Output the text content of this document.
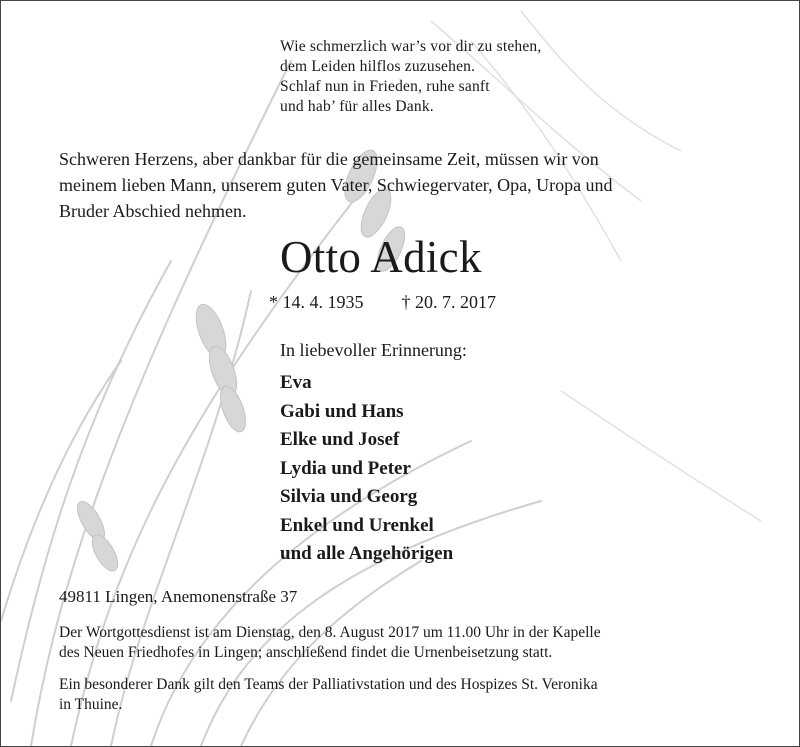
Wie schmerzlich war’s vor dir zu stehen,
dem Leiden hilflos zuzusehen.
Schlaf nun in Frieden, ruhe sanft
und hab’ für alles Dank.
Schweren Herzens, aber dankbar für die gemeinsame Zeit, müssen wir von
meinem lieben Mann, unserem guten Vater, Schwiegervater, Opa, Uropa und
Bruder Abschied nehmen.
Otto Adick
* 14. 4. 1935 † 20. 7. 2017
In liebevoller Erinnerung:
Eva
Gabi und Hans
Elke und Josef
Lydia und Peter
Silvia und Georg
Enkel und Urenkel
und alle Angehörigen
49811 Lingen, Anemonenstraße 37
Der Wortgottesdienst ist am Dienstag, den 8. August 2017 um 11.00 Uhr in der Kapelle
des Neuen Friedhofes in Lingen; anschließend findet die Urnenbeisetzung statt.
Ein besonderer Dank gilt den Teams der Palliativstation und des Hospizes St. Veronika
in Thuine.
